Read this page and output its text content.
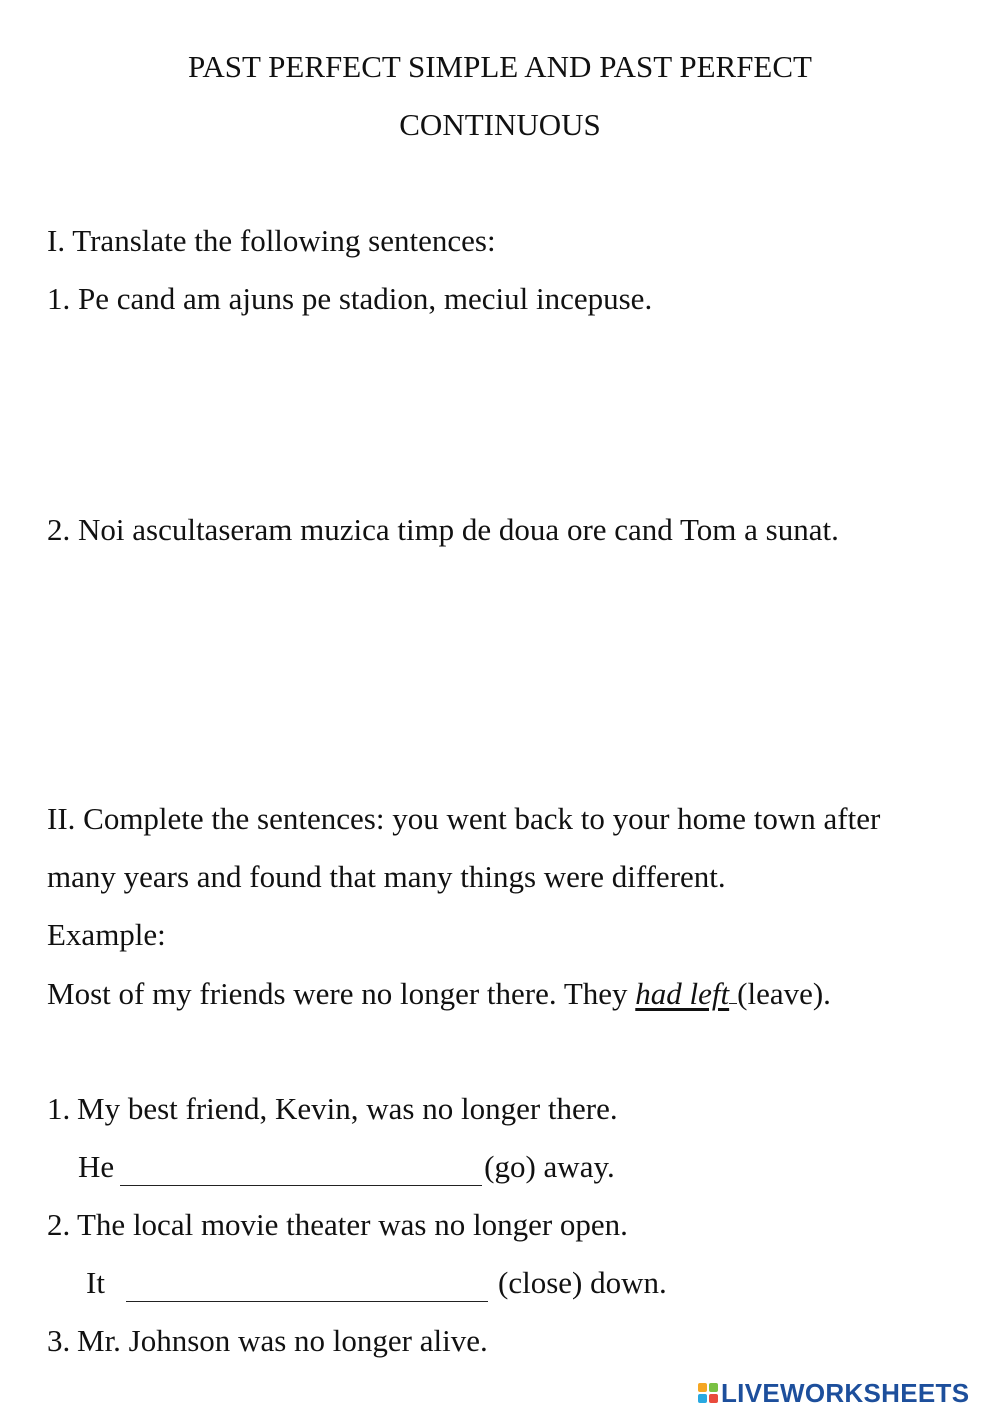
PAST PERFECT SIMPLE AND PAST PERFECT
CONTINUOUS

I. Translate the following sentences:

1. Pe cand am ajuns pe stadion, meciul incepuse.

2. Noi ascultaseram muzica timp de doua ore cand Tom a sunat.

II. Complete the sentences: you went back to your home town after

many years and found that many things were different.

Example:

Most of my friends were no longer there. They had left (leave).

1. My best friend, Kevin, was no longer there.

He	(go) away.

2. The local movie theater was no longer open.

It	(close) down.

3. Mr. Johnson was no longer alive.

LIVEWORKSHEETS
